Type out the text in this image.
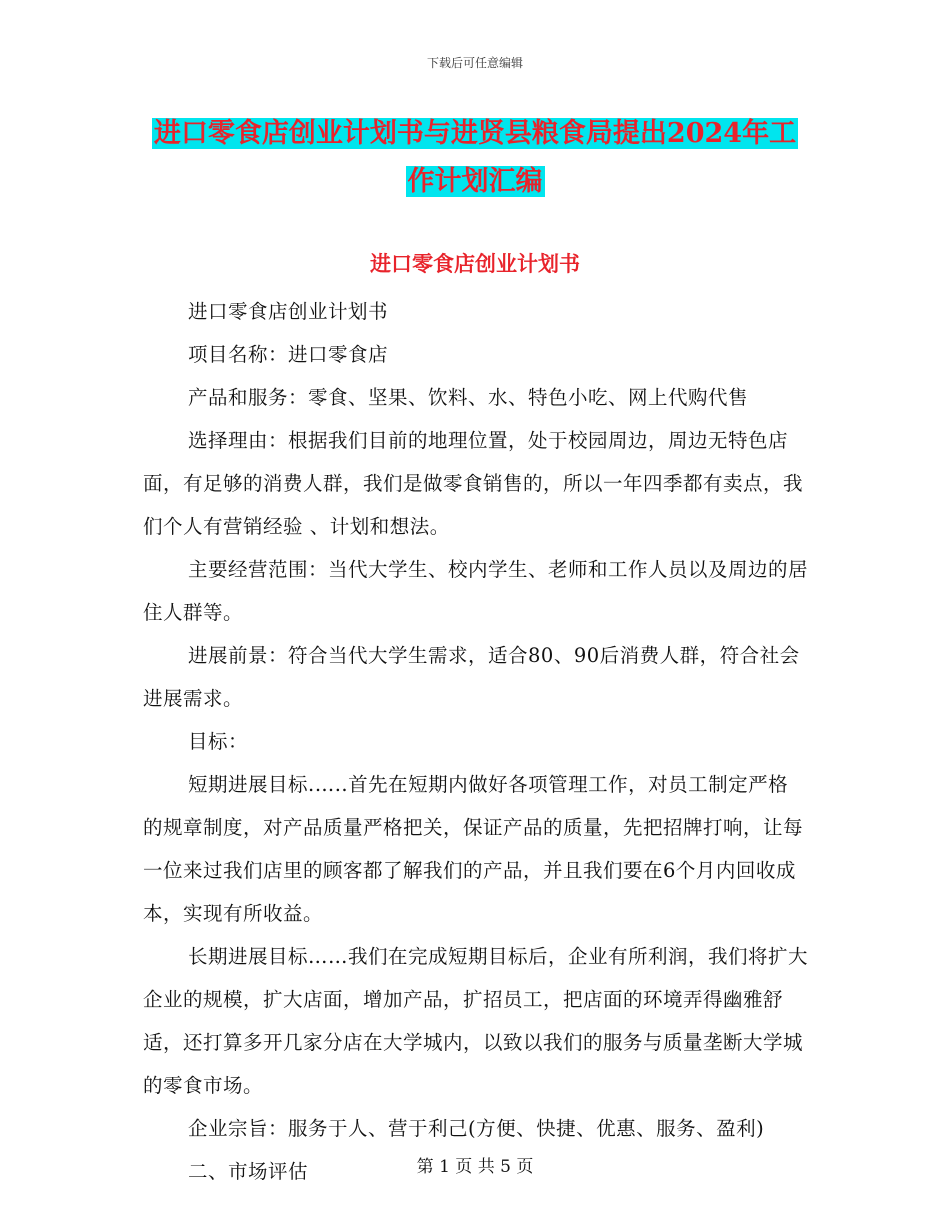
下载后可任意编辑
进口零食店创业计划书与进贤县粮食局提出2024年工
作计划汇编
进口零食店创业计划书

进口零食店创业计划书

项目名称：进口零食店

产品和服务：零食、坚果、饮料、水、特色小吃、网上代购代售

选择理由：根据我们目前的地理位置，处于校园周边，周边无特色店面，有足够的消费人群，我们是做零食销售的，所以一年四季都有卖点，我们个人有营销经验 、计划和想法。

主要经营范围：当代大学生、校内学生、老师和工作人员以及周边的居住人群等。

进展前景：符合当代大学生需求，适合80、90后消费人群，符合社会进展需求。

目标：

短期进展目标.…..首先在短期内做好各项管理工作，对员工制定严格的规章制度，对产品质量严格把关，保证产品的质量，先把招牌打响，让每一位来过我们店里的顾客都了解我们的产品，并且我们要在6个月内回收成本，实现有所收益。

长期进展目标……我们在完成短期目标后，企业有所利润，我们将扩大企业的规模，扩大店面，增加产品，扩招员工，把店面的环境弄得幽雅舒适，还打算多开几家分店在大学城内，以致以我们的服务与质量垄断大学城的零食市场。

企业宗旨：服务于人、营于利己(方便、快捷、优惠、服务、盈利)

二、市场评估	第 1 页 共 5 页
